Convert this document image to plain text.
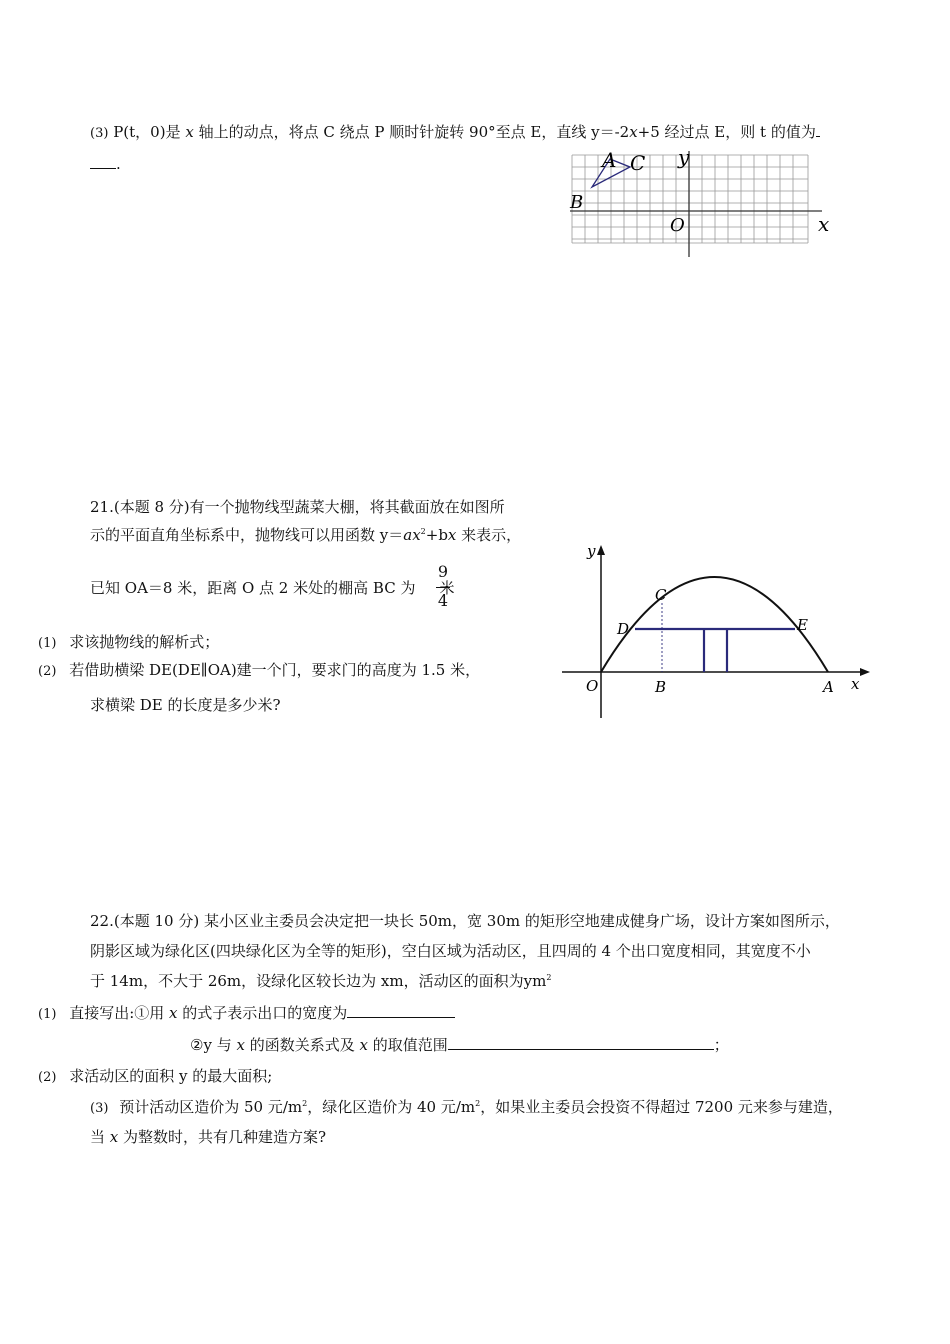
(3) P(t，0)是 x 轴上的动点，将点 C 绕点 P 顺时针旋转 90°至点 E，直线 y＝-2x+5 经过点 E，则 t 的值为
.	A C
B
O	x
y
21.(本题 8 分)有一个抛物线型蔬菜大棚，将其截面放在如图所
示的平面直角坐标系中，抛物线可以用函数 $y=ax^2+bx$ 来表示，
已知 OA＝8 米，距离 O 点 2 米处的棚高 BC 为 米
9
4
(1) 求该抛物线的解析式；
(2) 若借助横梁 DE(DE∥OA)建一个门，要求门的高度为 1.5 米，
求横梁 DE 的长度是多少米?
y
x
O	B	A
C
D	E
22.(本题 10 分) 某小区业主委员会决定把一块长 50m，宽 30m 的矩形空地建成健身广场，设计方案如图所示，
阴影区域为绿化区(四块绿化区为全等的矩形)，空白区域为活动区，且四周的 4 个出口宽度相同，其宽度不小
于 14m，不大于 26m，设绿化区较长边为 xm，活动区的面积为$ym^2$
(1) 直接写出:①用 x 的式子表示出口的宽度为
②y 与 x 的函数关系式及 x 的取值范围	；
(2) 求活动区的面积 y 的最大面积;
(3) 预计活动区造价为 50 元$/m^2$，绿化区造价为 40 元$/m^2$，如果业主委员会投资不得超过 7200 元来参与建造，
当 x 为整数时，共有几种建造方案?
